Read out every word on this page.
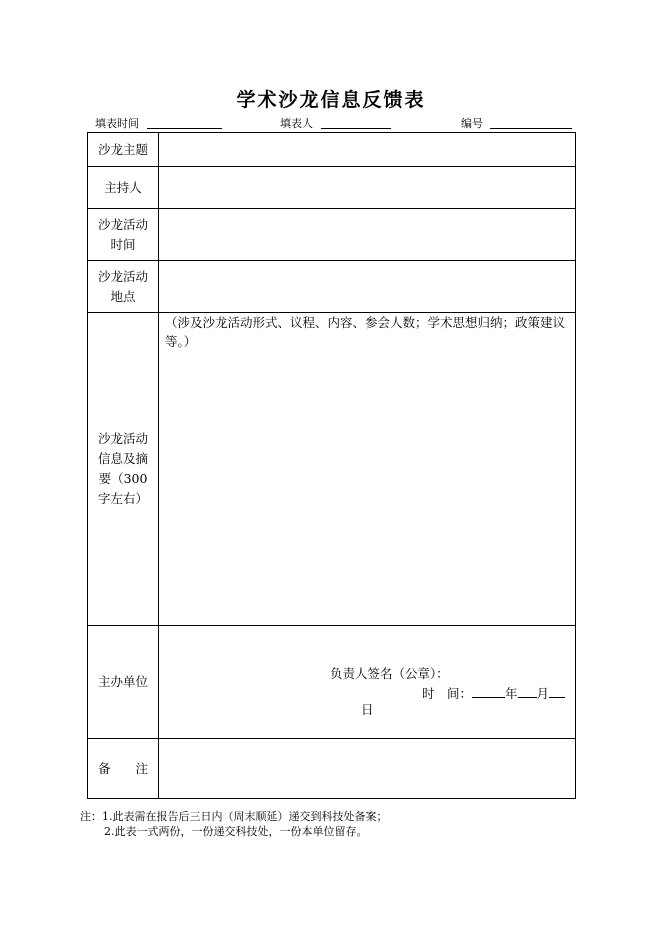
学术沙龙信息反馈表
填表时间	填表人	编号
沙龙主题	
主持人	
沙龙活动时间	
沙龙活动地点	
沙龙活动信息及摘要（300字左右）	（涉及沙龙活动形式、议程、内容、参会人数；学术思想归纳；政策建议等。）

主办单位	负责人签名（公章）：
时　间： 年 月
日

备　　注	
注：1.此表需在报告后三日内（周末顺延）递交到科技处备案；
2.此表一式两份，一份递交科技处，一份本单位留存。
